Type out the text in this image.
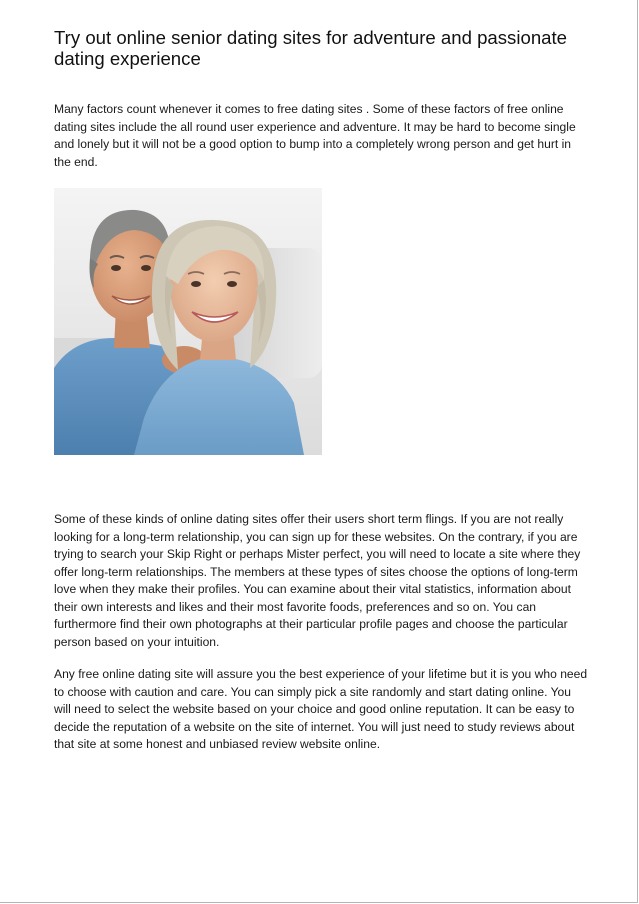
Try out online senior dating sites for adventure and passionate dating experience

Many factors count whenever it comes to free dating sites . Some of these factors of free online dating sites include the all round user experience and adventure. It may be hard to become single and lonely but it will not be a good option to bump into a completely wrong person and get hurt in the end.

Some of these kinds of online dating sites offer their users short term flings. If you are not really looking for a long-term relationship, you can sign up for these websites. On the contrary, if you are trying to search your Skip Right or perhaps Mister perfect, you will need to locate a site where they offer long-term relationships. The members at these types of sites choose the options of long-term love when they make their profiles. You can examine about their vital statistics, information about their own interests and likes and their most favorite foods, preferences and so on. You can furthermore find their own photographs at their particular profile pages and choose the particular person based on your intuition.

Any free online dating site will assure you the best experience of your lifetime but it is you who need to choose with caution and care. You can simply pick a site randomly and start dating online. You will need to select the website based on your choice and good online reputation. It can be easy to decide the reputation of a website on the site of internet. You will just need to study reviews about that site at some honest and unbiased review website online.
